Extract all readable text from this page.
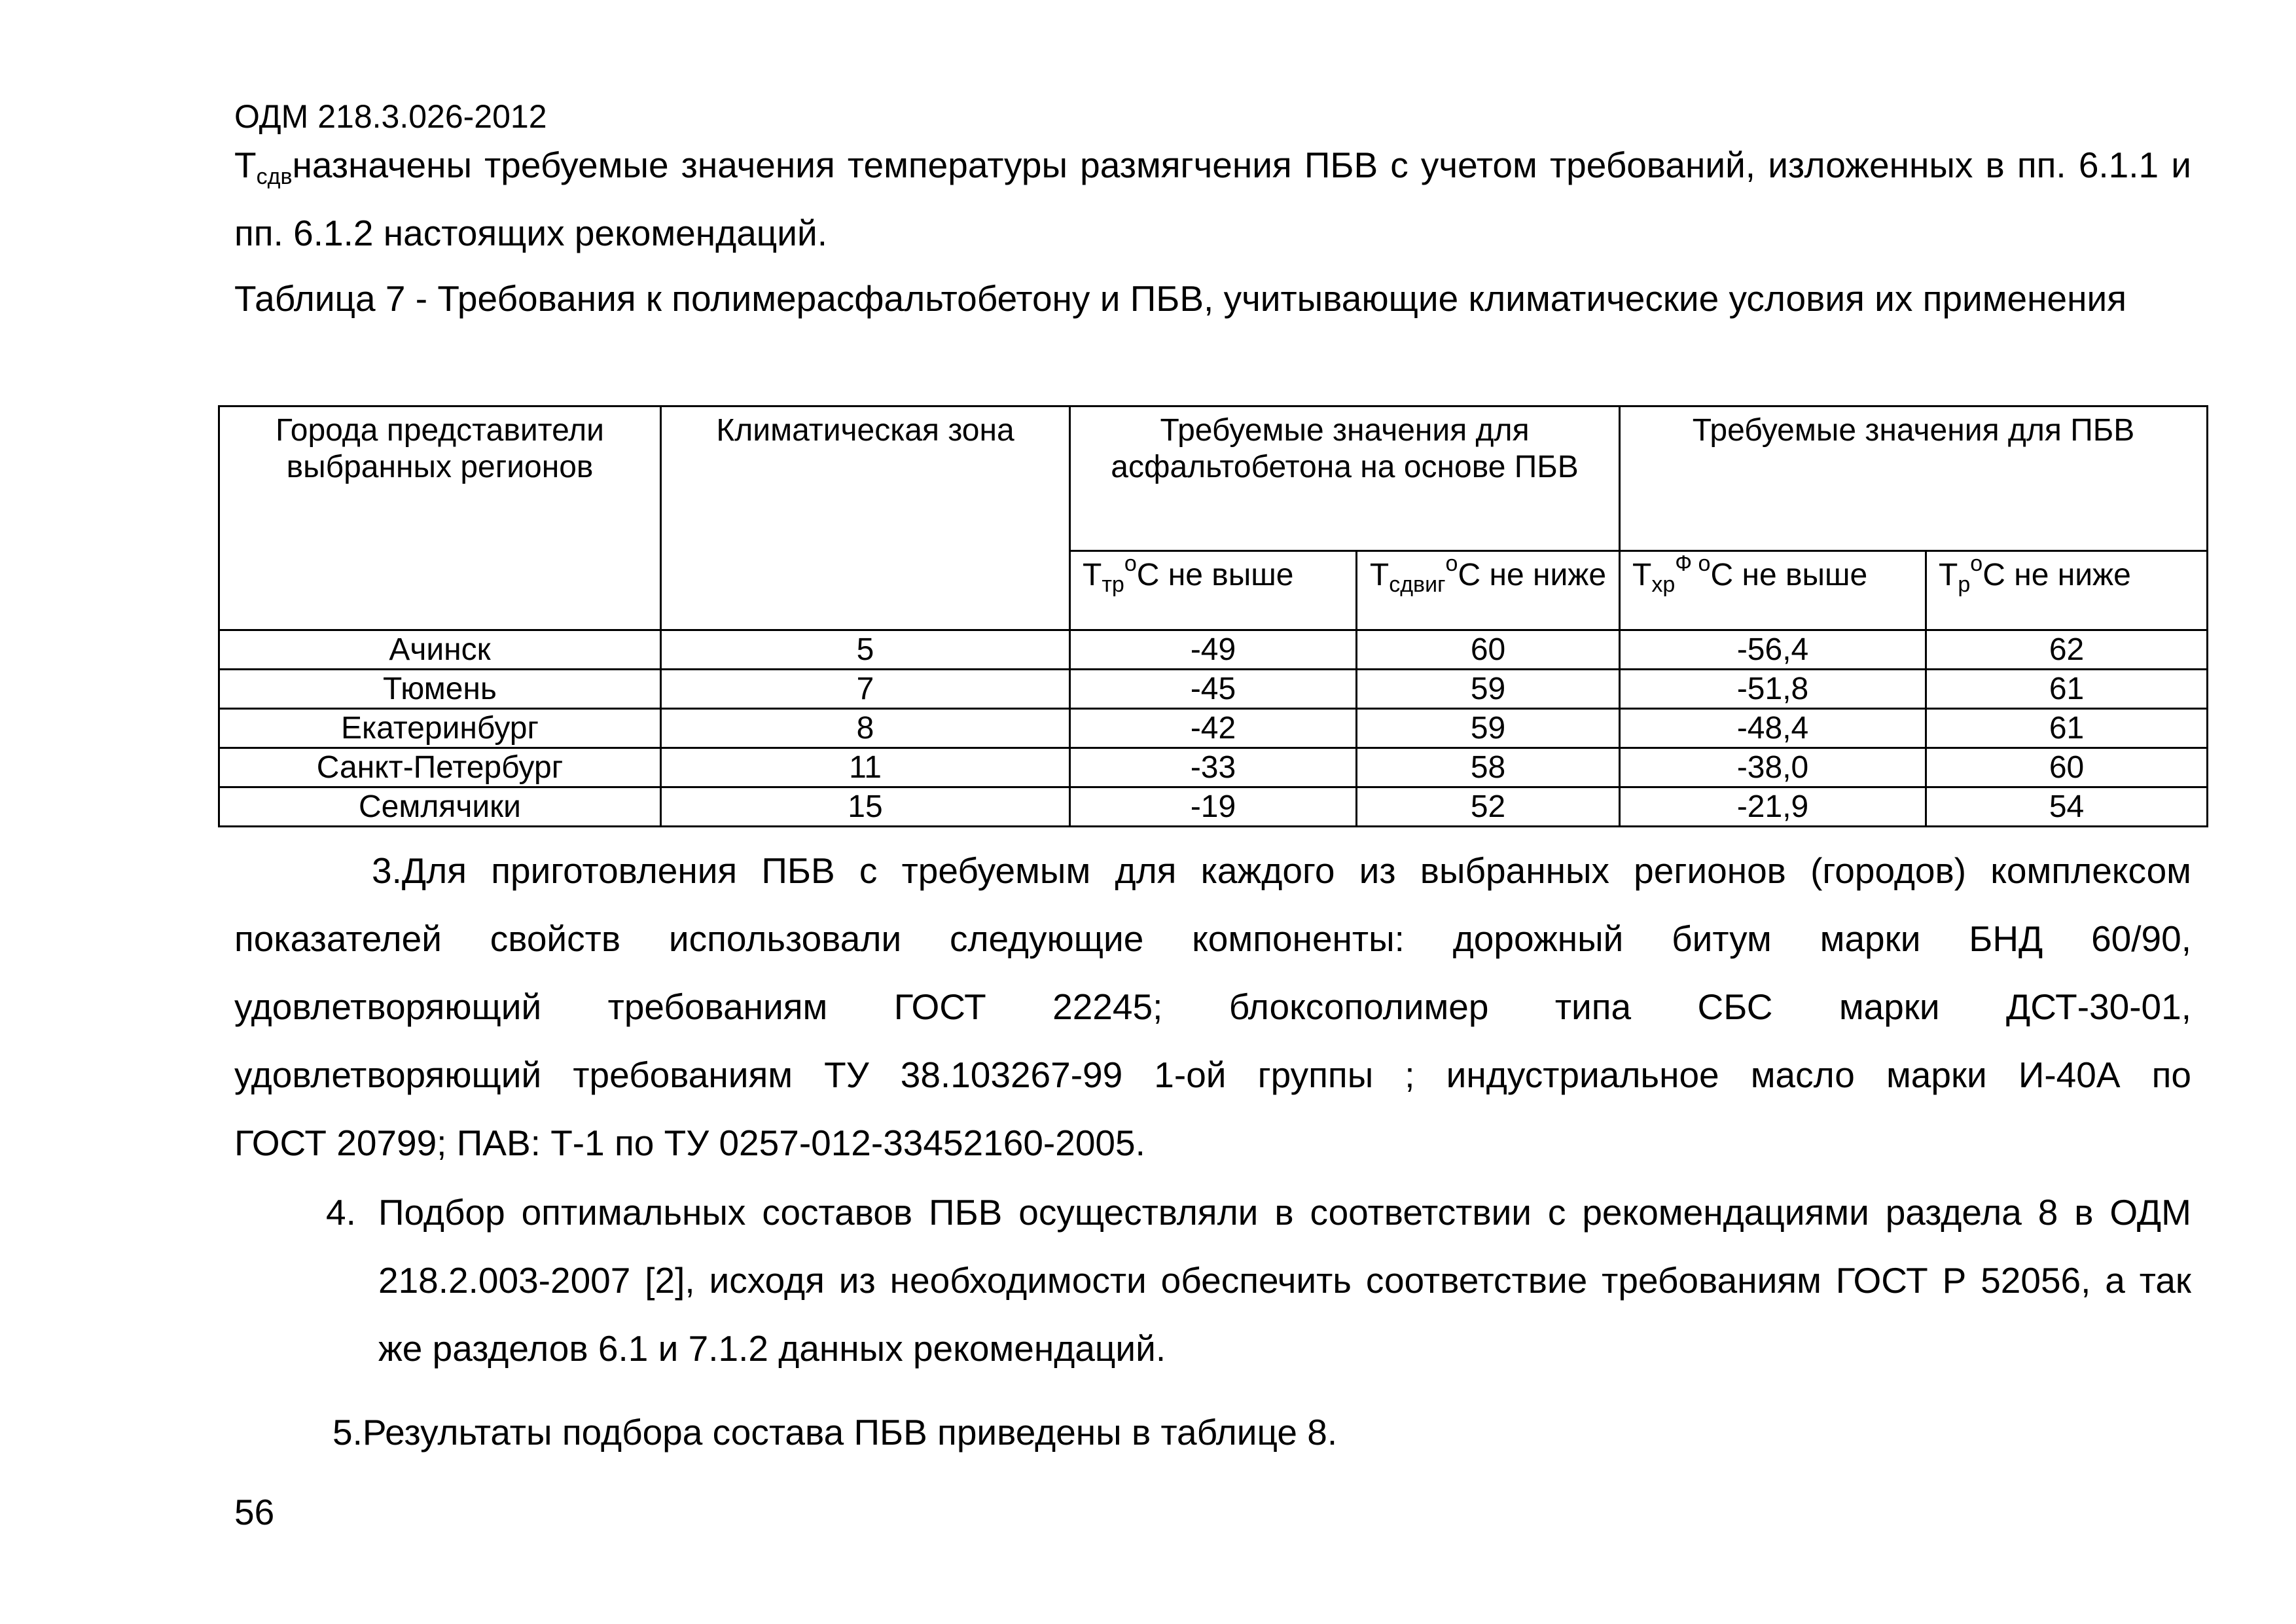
ОДМ 218.3.026-2012
$Т_{сдв}назначены$ требуемые значения температуры размягчения ПБВ с учетом требований, изложенных в пп. 6.1.1 и пп. 6.1.2 настоящих рекомендаций.
Таблица 7 - Требования к полимерасфальтобетону и ПБВ, учитывающие климатические условия их применения
Города представители выбранных регионов	Климатическая зона	Требуемые значения для асфальтобетона на основе ПБВ		Требуемые значения для ПБВ	
		$Т_{тр}^оС$ не выше	$Т_{сдвиг}^оС$ не ниже	$Т_{хр}^{Ф о}С$ не выше	$Т_р^оС$ не ниже
Ачинск	5	-49	60	-56,4	62
Тюмень	7	-45	59	-51,8	61
Екатеринбург	8	-42	59	-48,4	61
Санкт-Петербург	11	-33	58	-38,0	60
Семлячики	15	-19	52	-21,9	54
3.Для приготовления ПБВ с требуемым для каждого из выбранных регионов (городов) комплексом
показателей свойств использовали следующие компоненты: дорожный битум марки БНД 60/90,
удовлетворяющий требованиям ГОСТ 22245; блоксополимер типа СБС марки ДСТ-30-01,
удовлетворяющий требованиям ТУ 38.103267-99 1-ой группы ; индустриальное масло марки И-40А по
ГОСТ 20799; ПАВ: Т-1 по ТУ 0257-012-33452160-2005.
4. Подбор оптимальных составов ПБВ осуществляли в соответствии с рекомендациями раздела 8 в ОДМ 218.2.003-2007 [2], исходя из необходимости обеспечить соответствие требованиям ГОСТ Р 52056, а так же разделов 6.1 и 7.1.2 данных рекомендаций.
5.Результаты подбора состава ПБВ приведены в таблице 8.
56
